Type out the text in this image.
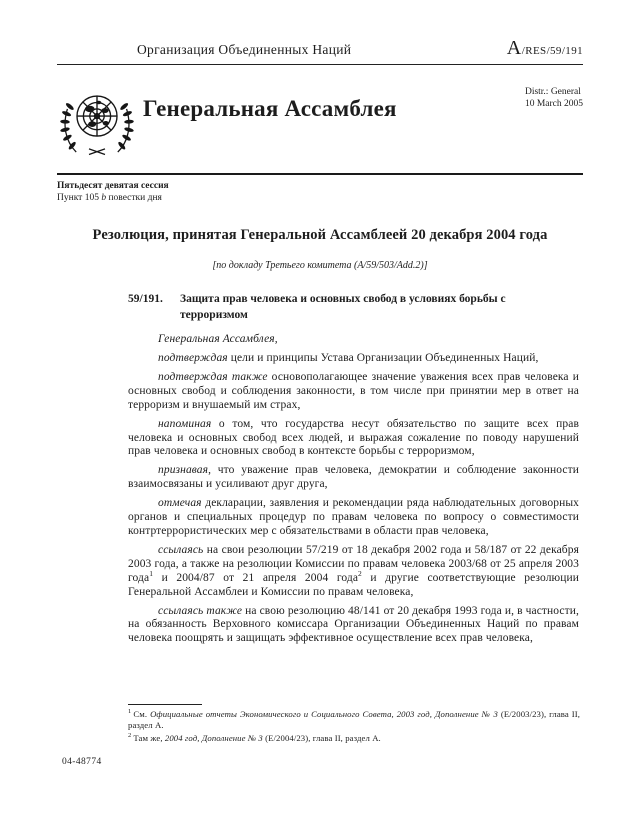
Организация Объединенных Наций	A/RES/59/191
Генеральная Ассамблея
Distr.: General
10 March 2005
Пятьдесят девятая сессия
Пункт 105 b повестки дня
Резолюция, принятая Генеральной Ассамблеей 20 декабря 2004 года
[по докладу Третьего комитета (A/59/503/Add.2)]
59/191.	Защита прав человека и основных свобод в условиях борьбы с терроризмом
Генеральная Ассамблея,
подтверждая цели и принципы Устава Организации Объединенных Наций,
подтверждая также основополагающее значение уважения всех прав человека и основных свобод и соблюдения законности, в том числе при принятии мер в ответ на терроризм и внушаемый им страх,
напоминая о том, что государства несут обязательство по защите всех прав человека и основных свобод всех людей, и выражая сожаление по поводу нарушений прав человека и основных свобод в контексте борьбы с терроризмом,
признавая, что уважение прав человека, демократии и соблюдение законности взаимосвязаны и усиливают друг друга,
отмечая декларации, заявления и рекомендации ряда наблюдательных договорных органов и специальных процедур по правам человека по вопросу о совместимости контртеррористических мер с обязательствами в области прав человека,
ссылаясь на свои резолюции 57/219 от 18 декабря 2002 года и 58/187 от 22 декабря 2003 года, а также на резолюции Комиссии по правам человека 2003/68 от 25 апреля 2003 года$^1$ и 2004/87 от 21 апреля 2004 года$^2$ и другие соответствующие резолюции Генеральной Ассамблеи и Комиссии по правам человека,
ссылаясь также на свою резолюцию 48/141 от 20 декабря 1993 года и, в частности, на обязанность Верховного комиссара Организации Объединенных Наций по правам человека поощрять и защищать эффективное осуществление всех прав человека,
$^1$ См. Официальные отчеты Экономического и Социального Совета, 2003 год, Дополнение № 3 (E/2003/23), глава II, раздел A.
$^2$ Там же, 2004 год, Дополнение № 3 (E/2004/23), глава II, раздел A.
04-48774
